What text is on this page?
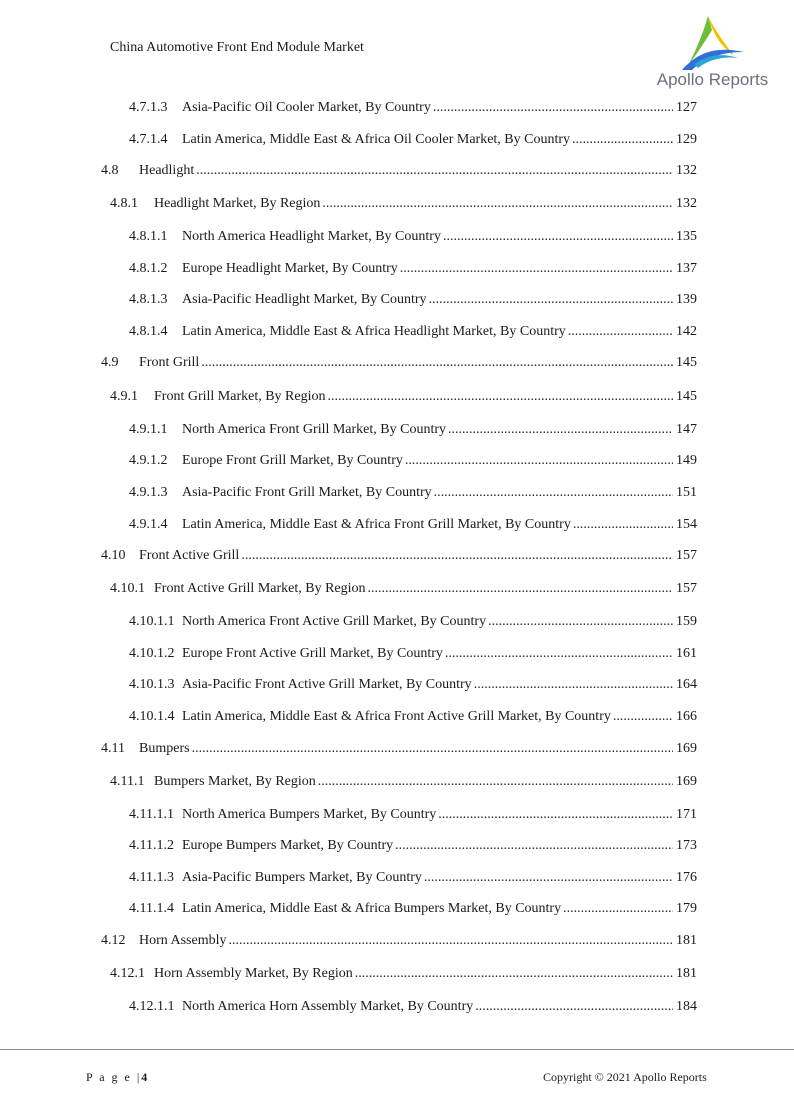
China Automotive Front End Module Market
Apollo Reports
4.7.1.3	Asia-Pacific Oil Cooler Market, By Country .....	127
4.7.1.4	Latin America, Middle East & Africa Oil Cooler Market, By Country .....	129
4.8	Headlight .....	132
4.8.1	Headlight Market, By Region .....	132
4.8.1.1	North America Headlight Market, By Country .....	135
4.8.1.2	Europe Headlight Market, By Country .....	137
4.8.1.3	Asia-Pacific Headlight Market, By Country .....	139
4.8.1.4	Latin America, Middle East & Africa Headlight Market, By Country .....	142
4.9	Front Grill .....	145
4.9.1	Front Grill Market, By Region .....	145
4.9.1.1	North America Front Grill Market, By Country .....	147
4.9.1.2	Europe Front Grill Market, By Country .....	149
4.9.1.3	Asia-Pacific Front Grill Market, By Country .....	151
4.9.1.4	Latin America, Middle East & Africa Front Grill Market, By Country .....	154
4.10 Front Active Grill .....	157
4.10.1 Front Active Grill Market, By Region .....	157
4.10.1.1 North America Front Active Grill Market, By Country .....	159
4.10.1.2 Europe Front Active Grill Market, By Country .....	161
4.10.1.3 Asia-Pacific Front Active Grill Market, By Country .....	164
4.10.1.4 Latin America, Middle East & Africa Front Active Grill Market, By Country .....	166
4.11	Bumpers .....	169
4.11.1 Bumpers Market, By Region .....	169
4.11.1.1 North America Bumpers Market, By Country .....	171
4.11.1.2 Europe Bumpers Market, By Country .....	173
4.11.1.3 Asia-Pacific Bumpers Market, By Country .....	176
4.11.1.4 Latin America, Middle East & Africa Bumpers Market, By Country .....	179
4.12 Horn Assembly .....	181
4.12.1 Horn Assembly Market, By Region .....	181
4.12.1.1 North America Horn Assembly Market, By Country .....	184
P a g e |4	Copyright © 2021 Apollo Reports
